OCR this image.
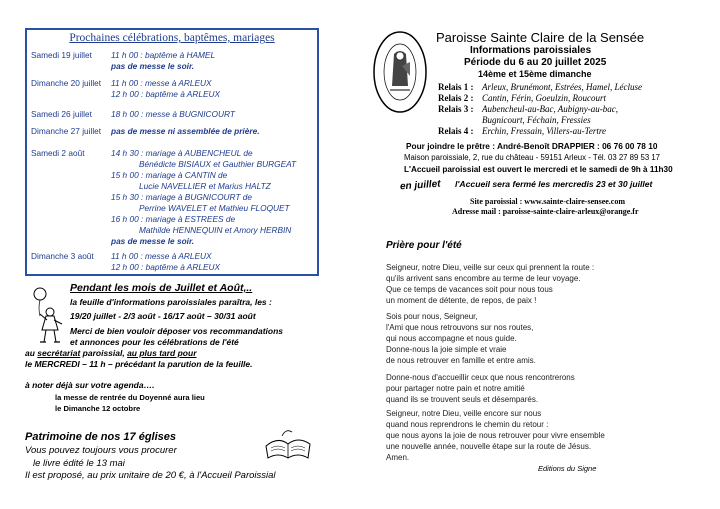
Prochaines célébrations, baptêmes, mariages
Samedi 19 juillet 11 h 00 : baptême à HAMEL
pas de messe le soir.
Dimanche 20 juillet 11 h 00 : messe à ARLEUX
12 h 00 : baptême à ARLEUX
Samedi 26 juillet 18 h 00 : messe à BUGNICOURT
Dimanche 27 juillet pas de messe ni assemblée de prière.
Samedi 2 août	14 h 30 : mariage à AUBENCHEUL de
Bénédicte BISIAUX et Gauthier BURGEAT
15 h 00 : mariage à CANTIN de
Lucie NAVELLIER et Marius HALTZ
15 h 30 : mariage à BUGNICOURT de
Perrine WAVELET et Mathieu FLOQUET
16 h 00 : mariage à ESTREES de
Mathilde HENNEQUIN et Amory HERBIN
pas de messe le soir.
Dimanche 3 août 11 h 00 : messe à ARLEUX
12 h 00 : baptême à ARLEUX
Pendant les mois de Juillet et Août,..
la feuille d'informations paroissiales paraîtra, les :
19/20 juillet - 2/3 août - 16/17 août – 30/31 août
Merci de bien vouloir déposer vos recommandations
et annonces pour les célébrations de l'été
au secrétariat paroissial, au plus tard pour
le MERCREDI – 11 h – précédant la parution de la feuille.
à noter déjà sur votre agenda….
la messe de rentrée du Doyenné aura lieu
le Dimanche 12 octobre
Patrimoine de nos 17 églises
Vous pouvez toujours vous procurer
le livre édité le 13 mai
Il est proposé, au prix unitaire de 20 €, à l'Accueil Paroissial
Paroisse Sainte Claire de la Sensée
Informations paroissiales
Période du 6 au 20 juillet 2025
14ème et 15ème dimanche
Relais 1 : Arleux, Brunémont, Estrées, Hamel, Lécluse
Relais 2 : Cantin, Férin, Goeulzin, Roucourt
Relais 3 : Aubencheul-au-Bac, Aubigny-au-bac,
Bugnicourt, Féchain, Fressies
Relais 4 : Erchin, Fressain, Villers-au-Tertre
Pour joindre le prêtre : André-Benoît DRAPPIER : 06 76 00 78 10
Maison paroissiale, 2, rue du château - 59151 Arleux - Tél. 03 27 89 53 17
L'Accueil paroissial est ouvert le mercredi et le samedi de 9h à 11h30
en juillet l'Accueil sera fermé les mercredis 23 et 30 juillet
Site paroissial : www.sainte-claire-sensee.com
Adresse mail : paroisse-sainte-claire-arleux@orange.fr
Prière pour l'été
Seigneur, notre Dieu, veille sur ceux qui prennent la route :
qu'ils arrivent sans encombre au terme de leur voyage.
Que ce temps de vacances soit pour nous tous
un moment de détente, de repos, de paix !
Sois pour nous, Seigneur,
l'Ami que nous retrouvons sur nos routes,
qui nous accompagne et nous guide.
Donne-nous la joie simple et vraie
de nous retrouver en famille et entre amis.
Donne-nous d'accueillir ceux que nous rencontrerons
pour partager notre pain et notre amitié
quand ils se trouvent seuls et désemparés.
Seigneur, notre Dieu, veille encore sur nous
quand nous reprendrons le chemin du retour :
que nous ayons la joie de nous retrouver pour vivre ensemble
une nouvelle année, nouvelle étape sur la route de Jésus.
Amen.
Editions du Signe
